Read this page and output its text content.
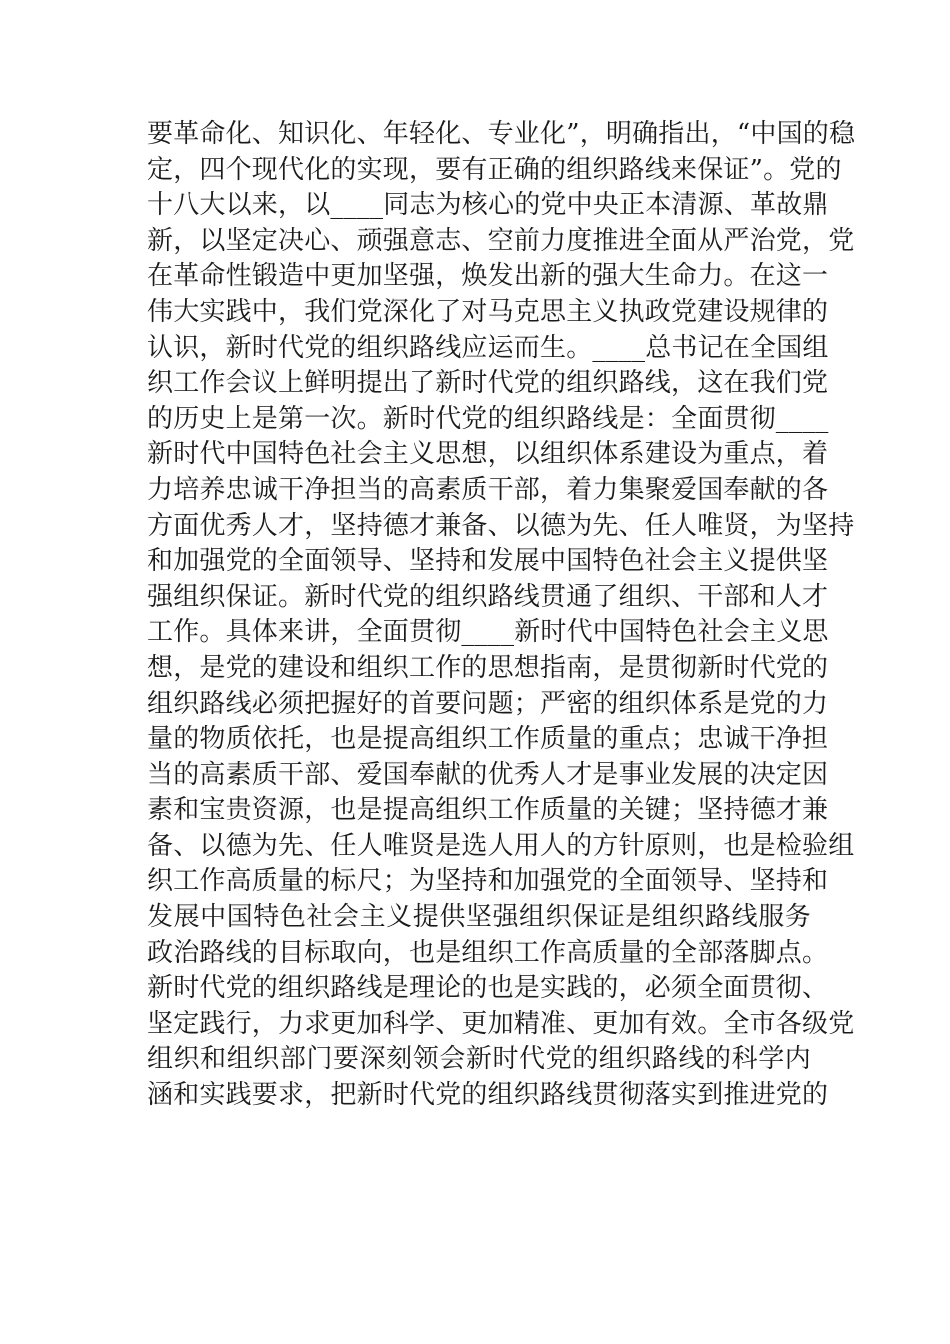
要革命化、知识化、年轻化、专业化”，明确指出，“中国的稳
定，四个现代化的实现，要有正确的组织路线来保证”。党的
十八大以来，以____同志为核心的党中央正本清源、革故鼎
新，以坚定决心、顽强意志、空前力度推进全面从严治党，党
在革命性锻造中更加坚强，焕发出新的强大生命力。在这一
伟大实践中，我们党深化了对马克思主义执政党建设规律的
认识，新时代党的组织路线应运而生。____总书记在全国组
织工作会议上鲜明提出了新时代党的组织路线，这在我们党
的历史上是第一次。新时代党的组织路线是：全面贯彻____
新时代中国特色社会主义思想，以组织体系建设为重点，着
力培养忠诚干净担当的高素质干部，着力集聚爱国奉献的各
方面优秀人才，坚持德才兼备、以德为先、任人唯贤，为坚持
和加强党的全面领导、坚持和发展中国特色社会主义提供坚
强组织保证。新时代党的组织路线贯通了组织、干部和人才
工作。具体来讲，全面贯彻____新时代中国特色社会主义思
想，是党的建设和组织工作的思想指南，是贯彻新时代党的
组织路线必须把握好的首要问题；严密的组织体系是党的力
量的物质依托，也是提高组织工作质量的重点；忠诚干净担
当的高素质干部、爱国奉献的优秀人才是事业发展的决定因
素和宝贵资源，也是提高组织工作质量的关键；坚持德才兼
备、以德为先、任人唯贤是选人用人的方针原则，也是检验组
织工作高质量的标尺；为坚持和加强党的全面领导、坚持和
发展中国特色社会主义提供坚强组织保证是组织路线服务
政治路线的目标取向，也是组织工作高质量的全部落脚点。
新时代党的组织路线是理论的也是实践的，必须全面贯彻、
坚定践行，力求更加科学、更加精准、更加有效。全市各级党
组织和组织部门要深刻领会新时代党的组织路线的科学内
涵和实践要求，把新时代党的组织路线贯彻落实到推进党的
